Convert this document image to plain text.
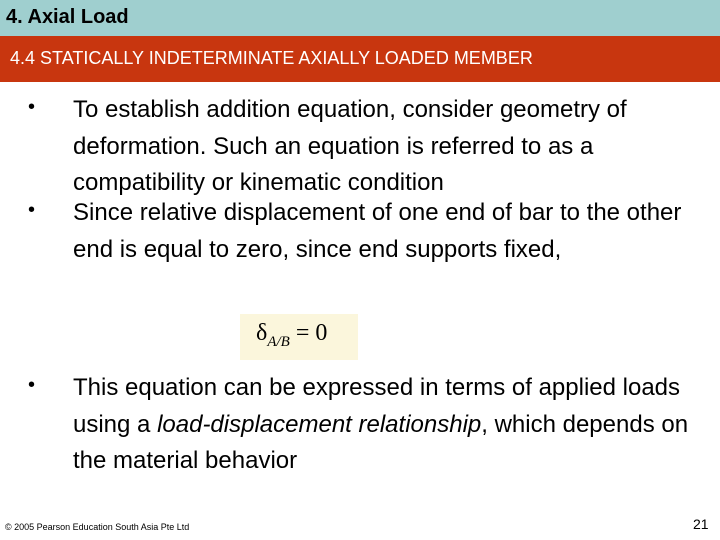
4. Axial Load
4.4 STATICALLY INDETERMINATE AXIALLY LOADED MEMBER
• To establish addition equation, consider geometry of deformation. Such an equation is referred to as a compatibility or kinematic condition
• Since relative displacement of one end of bar to the other end is equal to zero, since end supports fixed,
$\delta_{A/B} = 0$
• This equation can be expressed in terms of applied loads using a load-displacement relationship, which depends on the material behavior
© 2005 Pearson Education South Asia Pte Ltd	21
